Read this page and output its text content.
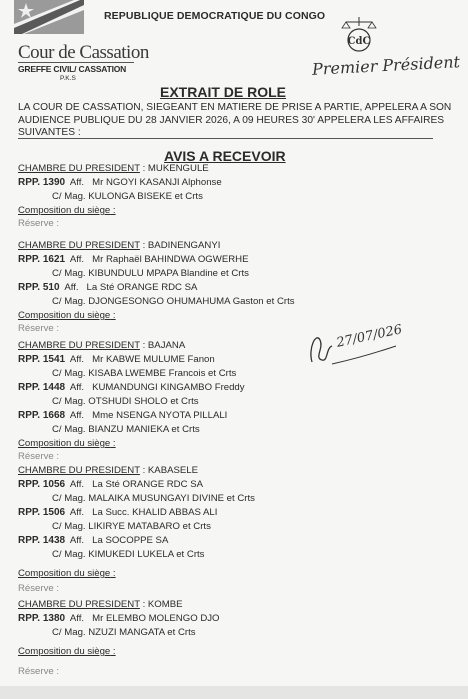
REPUBLIQUE DEMOCRATIQUE DU CONGO
Cour de Cassation
GREFFE CIVIL/ CASSATION
P.K.S
CdC
Premier Président
EXTRAIT DE ROLE
LA COUR DE CASSATION, SIEGEANT EN MATIERE DE PRISE A PARTIE, APPELERA A SON AUDIENCE PUBLIQUE DU 28 JANVIER 2026, A 09 HEURES 30' APPELERA LES AFFAIRES SUIVANTES :
AVIS A RECEVOIR
CHAMBRE DU PRESIDENT : MUKENGULE
RPP. 1390  Aff.   Mr NGOYI KASANJI Alphonse
C/ Mag. KULONGA BISEKE et Crts
Composition du siège :
Réserve :
CHAMBRE DU PRESIDENT : BADINENGANYI
RPP. 1621  Aff.   Mr Raphaël BAHINDWA OGWERHE
C/ Mag. KIBUNDULU MPAPA Blandine et Crts
RPP. 510  Aff.   La Sté ORANGE RDC SA
C/ Mag. DJONGESONGO OHUMAHUMA Gaston et Crts
Composition du siège :
Réserve :	27/07/026
CHAMBRE DU PRESIDENT : BAJANA
RPP. 1541  Aff.   Mr KABWE MULUME Fanon
C/ Mag. KISABA LWEMBE Francois et Crts
RPP. 1448  Aff.   KUMANDUNGI KINGAMBO Freddy
C/ Mag. OTSHUDI SHOLO et Crts
RPP. 1668  Aff.   Mme NSENGA NYOTA PILLALI
C/ Mag. BIANZU MANIEKA et Crts
Composition du siège :
Réserve :
CHAMBRE DU PRESIDENT : KABASELE
RPP. 1056  Aff.   La Sté ORANGE RDC SA
C/ Mag. MALAIKA MUSUNGAYI DIVINE et Crts
RPP. 1506  Aff.   La Succ. KHALID ABBAS ALI
C/ Mag. LIKIRYE MATABARO et Crts
RPP. 1438  Aff.   La SOCOPPE SA
C/ Mag. KIMUKEDI LUKELA et Crts
Composition du siège :
Réserve :
CHAMBRE DU PRESIDENT : KOMBE
RPP. 1380  Aff.   Mr ELEMBO MOLENGO DJO
C/ Mag. NZUZI MANGATA et Crts
Composition du siège :
Réserve :
